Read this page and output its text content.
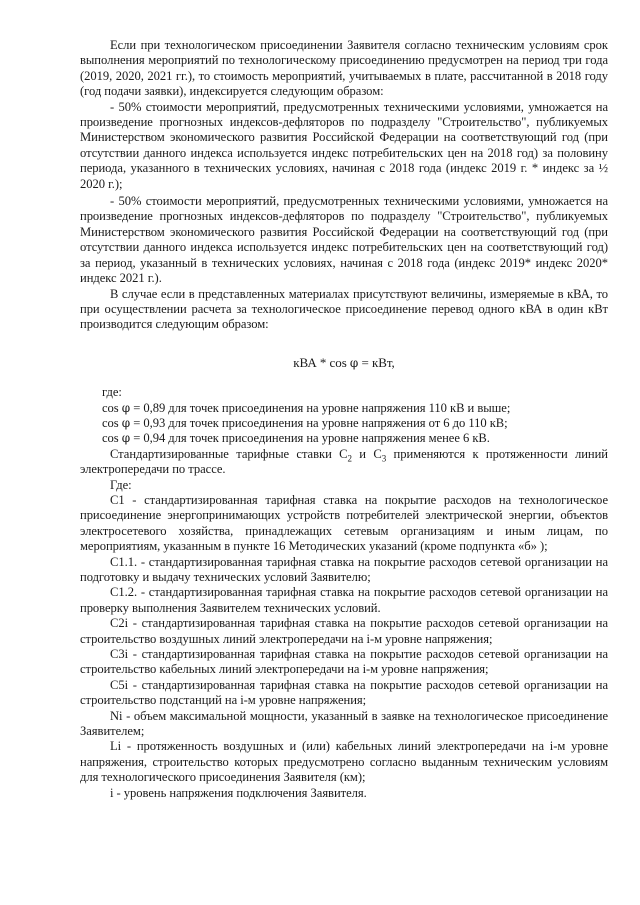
Если при технологическом присоединении Заявителя согласно техническим условиям срок выполнения мероприятий по технологическому присоединению предусмотрен на период три года (2019, 2020, 2021 гг.), то стоимость мероприятий, учитываемых в плате, рассчитанной в 2018 году (год подачи заявки), индексируется следующим образом:

- 50% стоимости мероприятий, предусмотренных техническими условиями, умножается на произведение прогнозных индексов-дефляторов по подразделу "Строительство", публикуемых Министерством экономического развития Российской Федерации на соответствующий год (при отсутствии данного индекса используется индекс потребительских цен на 2018 год) за половину периода, указанного в технических условиях, начиная с 2018 года (индекс 2019 г. * индекс за ½ 2020 г.);

- 50% стоимости мероприятий, предусмотренных техническими условиями, умножается на произведение прогнозных индексов-дефляторов по подразделу "Строительство", публикуемых Министерством экономического развития Российской Федерации на соответствующий год (при отсутствии данного индекса используется индекс потребительских цен на соответствующий год) за период, указанный в технических условиях, начиная с 2018 года (индекс 2019* индекс 2020* индекс 2021 г.).

В случае если в представленных материалах присутствуют величины, измеряемые в кВА, то при осуществлении расчета за технологическое присоединение перевод одного кВА в один кВт производится следующим образом:

кВА * cos φ = кВт,

где:

cos φ = 0,89 для точек присоединения на уровне напряжения 110 кВ и выше;

cos φ = 0,93 для точек присоединения на уровне напряжения от 6 до 110 кВ;

cos φ = 0,94 для точек присоединения на уровне напряжения менее 6 кВ.

Стандартизированные тарифные ставки $С_2$ и $С_3$ применяются к протяженности линий электропередачи по трассе.

Где:

С1 - стандартизированная тарифная ставка на покрытие расходов на технологическое присоединение энергопринимающих устройств потребителей электрической энергии, объектов электросетевого хозяйства, принадлежащих сетевым организациям и иным лицам, по мероприятиям, указанным в пункте 16 Методических указаний (кроме подпункта «б» );

С1.1. - стандартизированная тарифная ставка на покрытие расходов сетевой организации на подготовку и выдачу технических условий Заявителю;

С1.2. - стандартизированная тарифная ставка на покрытие расходов сетевой организации на проверку выполнения Заявителем технических условий.

C2i - стандартизированная тарифная ставка на покрытие расходов сетевой организации на строительство воздушных линий электропередачи на i-м уровне напряжения;

C3i - стандартизированная тарифная ставка на покрытие расходов сетевой организации на строительство кабельных линий электропередачи на i-м уровне напряжения;

C5i - стандартизированная тарифная ставка на покрытие расходов сетевой организации на строительство подстанций на i-м уровне напряжения;

Ni - объем максимальной мощности, указанный в заявке на технологическое присоединение Заявителем;

Li - протяженность воздушных и (или) кабельных линий электропередачи на i-м уровне напряжения, строительство которых предусмотрено согласно выданным техническим условиям для технологического присоединения Заявителя (км);

i - уровень напряжения подключения Заявителя.
